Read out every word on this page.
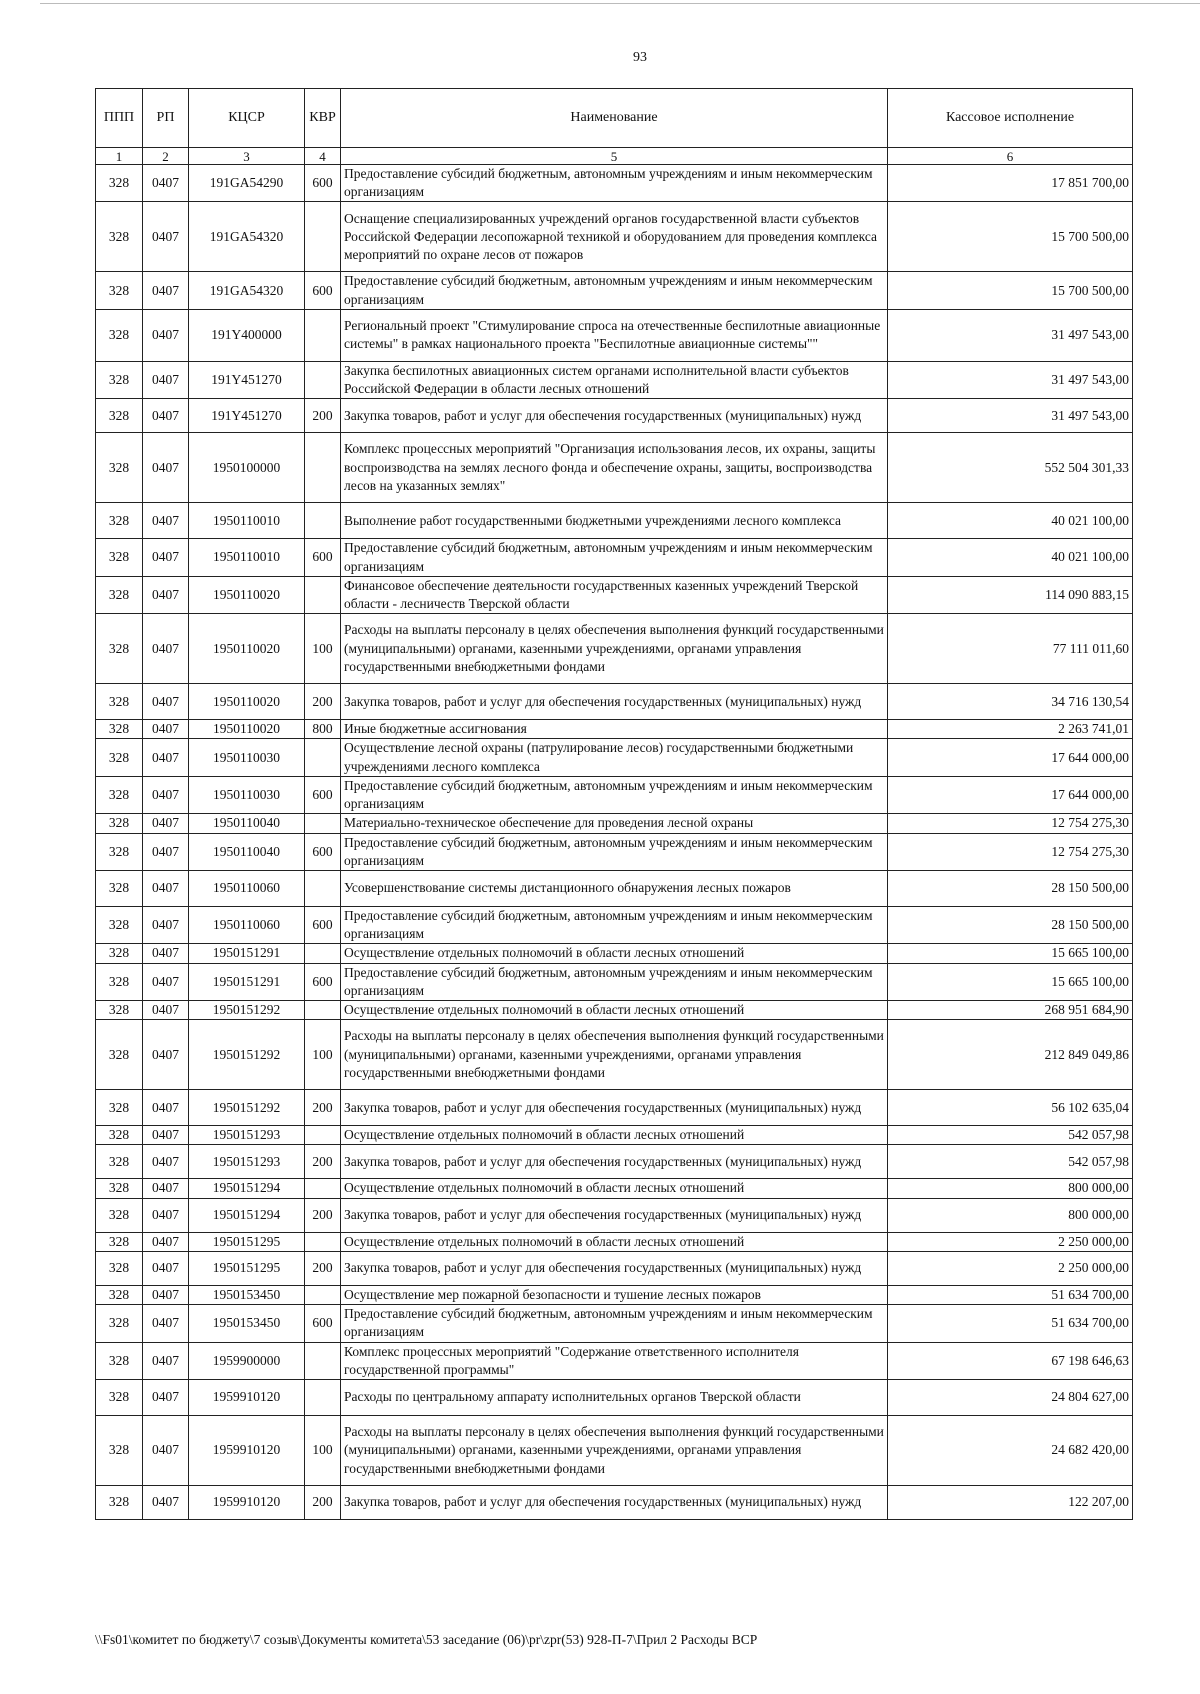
93
ППП	РП	КЦСР	КВР	Наименование	Кассовое исполнение
1	2	3	4	5	6
328	0407	191GA54290	600	Предоставление субсидий бюджетным, автономным учреждениям и иным некоммерческим организациям	17 851 700,00
328	0407	191GA54320		Оснащение специализированных учреждений органов государственной власти субъектов Российской Федерации лесопожарной техникой и оборудованием для проведения комплекса мероприятий по охране лесов от пожаров	15 700 500,00
328	0407	191GA54320	600	Предоставление субсидий бюджетным, автономным учреждениям и иным некоммерческим организациям	15 700 500,00
328	0407	191Y400000		Региональный проект "Стимулирование спроса на отечественные беспилотные авиационные системы" в рамках национального проекта "Беспилотные авиационные системы""	31 497 543,00
328	0407	191Y451270		Закупка беспилотных авиационных систем органами исполнительной власти субъектов Российской Федерации в области лесных отношений	31 497 543,00
328	0407	191Y451270	200	Закупка товаров, работ и услуг для обеспечения государственных (муниципальных) нужд	31 497 543,00
328	0407	1950100000		Комплекс процессных мероприятий "Организация использования лесов, их охраны, защиты воспроизводства на землях лесного фонда и обеспечение охраны, защиты, воспроизводства лесов на указанных землях"	552 504 301,33
328	0407	1950110010		Выполнение работ государственными бюджетными учреждениями лесного комплекса	40 021 100,00
328	0407	1950110010	600	Предоставление субсидий бюджетным, автономным учреждениям и иным некоммерческим организациям	40 021 100,00
328	0407	1950110020		Финансовое обеспечение деятельности государственных казенных учреждений Тверской области - лесничеств Тверской области	114 090 883,15
328	0407	1950110020	100	Расходы на выплаты персоналу в целях обеспечения выполнения функций государственными (муниципальными) органами, казенными учреждениями, органами управления государственными внебюджетными фондами	77 111 011,60
328	0407	1950110020	200	Закупка товаров, работ и услуг для обеспечения государственных (муниципальных) нужд	34 716 130,54
328	0407	1950110020	800	Иные бюджетные ассигнования	2 263 741,01
328	0407	1950110030		Осуществление лесной охраны (патрулирование лесов) государственными бюджетными учреждениями лесного комплекса	17 644 000,00
328	0407	1950110030	600	Предоставление субсидий бюджетным, автономным учреждениям и иным некоммерческим организациям	17 644 000,00
328	0407	1950110040		Материально-техническое обеспечение для проведения лесной охраны	12 754 275,30
328	0407	1950110040	600	Предоставление субсидий бюджетным, автономным учреждениям и иным некоммерческим организациям	12 754 275,30
328	0407	1950110060		Усовершенствование системы дистанционного обнаружения лесных пожаров	28 150 500,00
328	0407	1950110060	600	Предоставление субсидий бюджетным, автономным учреждениям и иным некоммерческим организациям	28 150 500,00
328	0407	1950151291		Осуществление отдельных полномочий в области лесных отношений	15 665 100,00
328	0407	1950151291	600	Предоставление субсидий бюджетным, автономным учреждениям и иным некоммерческим организациям	15 665 100,00
328	0407	1950151292		Осуществление отдельных полномочий в области лесных отношений	268 951 684,90
328	0407	1950151292	100	Расходы на выплаты персоналу в целях обеспечения выполнения функций государственными (муниципальными) органами, казенными учреждениями, органами управления государственными внебюджетными фондами	212 849 049,86
328	0407	1950151292	200	Закупка товаров, работ и услуг для обеспечения государственных (муниципальных) нужд	56 102 635,04
328	0407	1950151293		Осуществление отдельных полномочий в области лесных отношений	542 057,98
328	0407	1950151293	200	Закупка товаров, работ и услуг для обеспечения государственных (муниципальных) нужд	542 057,98
328	0407	1950151294		Осуществление отдельных полномочий в области лесных отношений	800 000,00
328	0407	1950151294	200	Закупка товаров, работ и услуг для обеспечения государственных (муниципальных) нужд	800 000,00
328	0407	1950151295		Осуществление отдельных полномочий в области лесных отношений	2 250 000,00
328	0407	1950151295	200	Закупка товаров, работ и услуг для обеспечения государственных (муниципальных) нужд	2 250 000,00
328	0407	1950153450		Осуществление мер пожарной безопасности и тушение лесных пожаров	51 634 700,00
328	0407	1950153450	600	Предоставление субсидий бюджетным, автономным учреждениям и иным некоммерческим организациям	51 634 700,00
328	0407	1959900000		Комплекс процессных мероприятий "Содержание ответственного исполнителя государственной программы"	67 198 646,63
328	0407	1959910120		Расходы по центральному аппарату исполнительных органов Тверской области	24 804 627,00
328	0407	1959910120	100	Расходы на выплаты персоналу в целях обеспечения выполнения функций государственными (муниципальными) органами, казенными учреждениями, органами управления государственными внебюджетными фондами	24 682 420,00
328	0407	1959910120	200	Закупка товаров, работ и услуг для обеспечения государственных (муниципальных) нужд	122 207,00
\\Fs01\комитет по бюджету\7 созыв\Документы комитета\53 заседание (06)\pr\zpr(53) 928-П-7\Прил 2 Расходы ВСР
